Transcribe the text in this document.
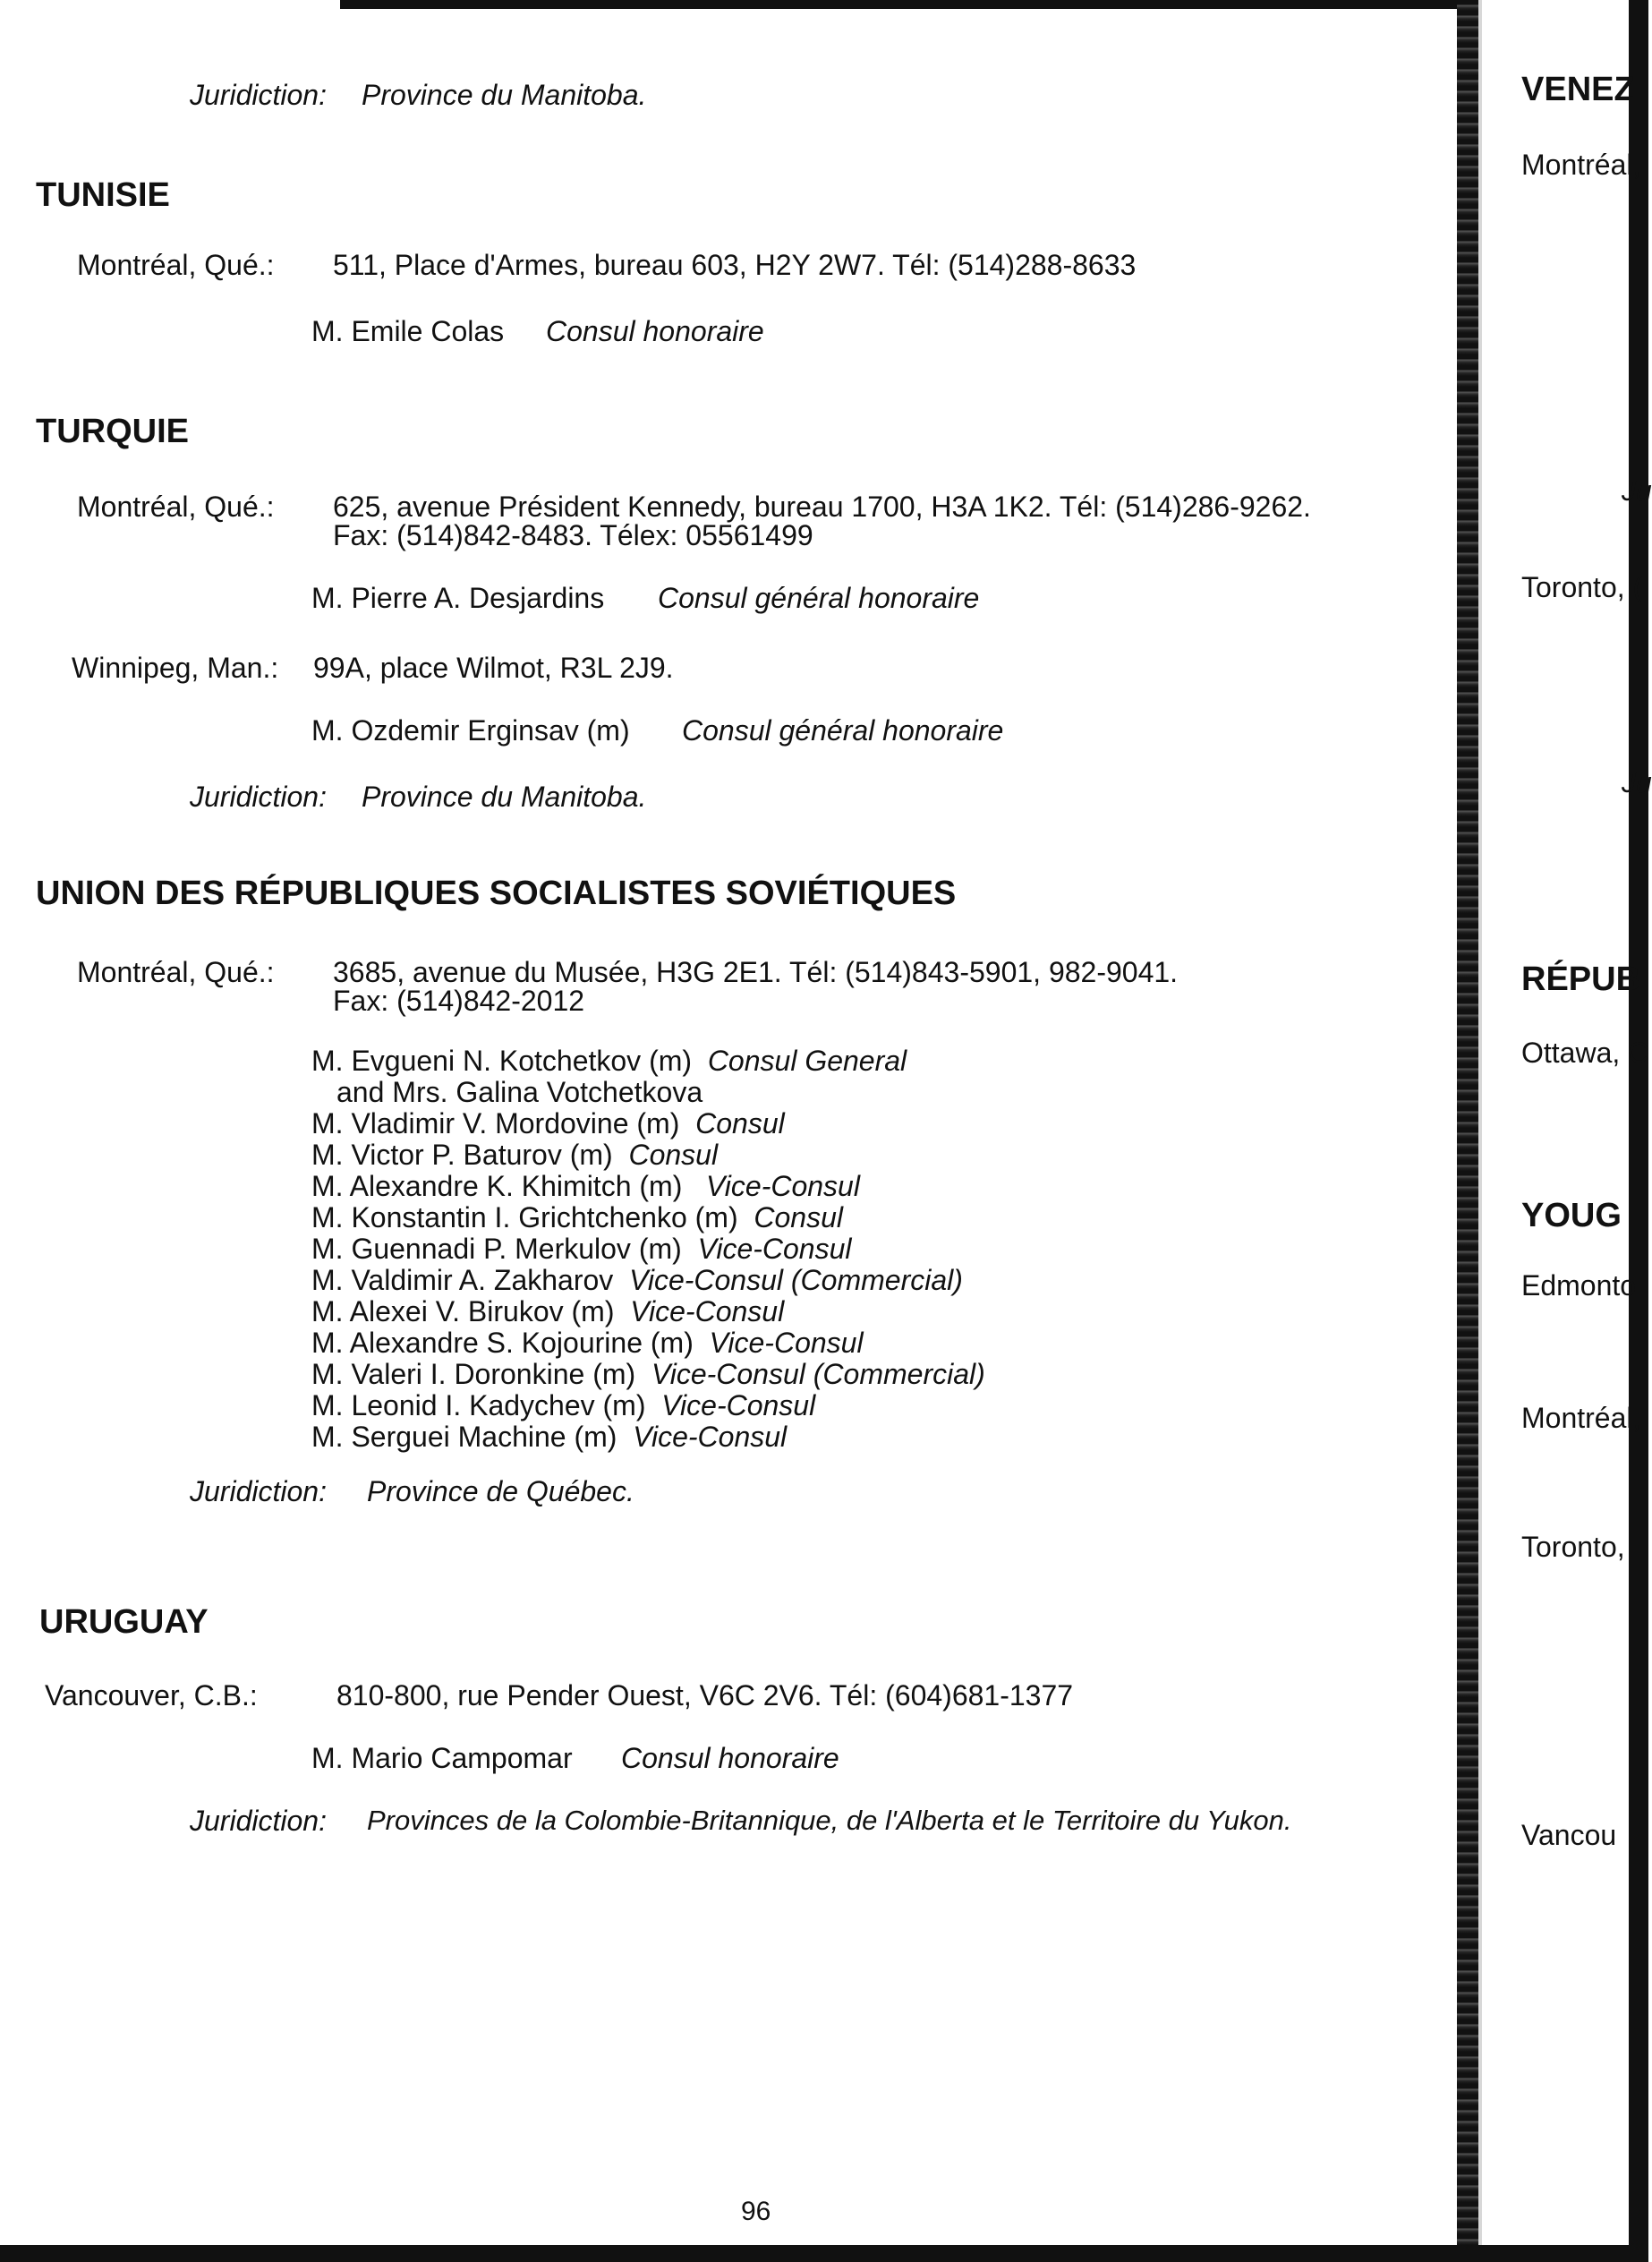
Juridiction: Province du Manitoba.
TUNISIE
Montréal, Qué.: 511, Place d'Armes, bureau 603, H2Y 2W7. Tél: (514)288-8633
M. Emile Colas Consul honoraire
TURQUIE
Montréal, Qué.: 625, avenue Président Kennedy, bureau 1700, H3A 1K2. Tél: (514)286-9262.
Fax: (514)842-8483. Télex: 05561499
M. Pierre A. Desjardins Consul général honoraire
Winnipeg, Man.: 99A, place Wilmot, R3L 2J9.
M. Ozdemir Erginsav (m) Consul général honoraire
Juridiction: Province du Manitoba.
UNION DES RÉPUBLIQUES SOCIALISTES SOVIÉTIQUES
Montréal, Qué.: 3685, avenue du Musée, H3G 2E1. Tél: (514)843-5901, 982-9041.
Fax: (514)842-2012
M. Evgueni N. Kotchetkov (m) Consul General
and Mrs. Galina Votchetkova
M. Vladimir V. Mordovine (m) Consul
M. Victor P. Baturov (m) Consul
M. Alexandre K. Khimitch (m) Vice-Consul
M. Konstantin I. Grichtchenko (m) Consul
M. Guennadi P. Merkulov (m) Vice-Consul
M. Valdimir A. Zakharov Vice-Consul (Commercial)
M. Alexei V. Birukov (m) Vice-Consul
M. Alexandre S. Kojourine (m) Vice-Consul
M. Valeri I. Doronkine (m) Vice-Consul (Commercial)
M. Leonid I. Kadychev (m) Vice-Consul
M. Serguei Machine (m) Vice-Consul
Juridiction: Province de Québec.
URUGUAY
Vancouver, C.B.:	810-800, rue Pender Ouest, V6C 2V6. Tél: (604)681-1377
M. Mario Campomar Consul honoraire
Juridiction: Provinces de la Colombie-Britannique, de l'Alberta et le Territoire du Yukon.
96
VENEZ
Montréal,
Ju
Toronto, (
Ju
RÉPUB
Ottawa, C
YOUG
Edmonto
Montréal,
Toronto,
Vancou
